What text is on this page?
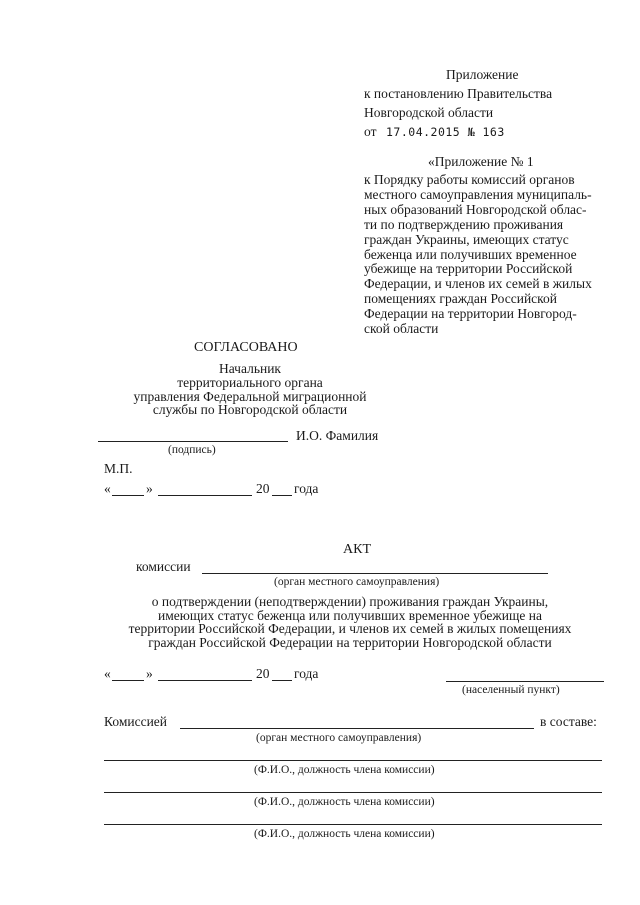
Приложение
к постановлению Правительства
Новгородской области
от 17.04.2015 № 163
«Приложение № 1
к Порядку работы комиссий органов
местного самоуправления муниципаль-
ных образований Новгородской облас-
ти по подтверждению проживания
граждан Украины, имеющих статус
беженца или получивших временное
убежище на территории Российской
Федерации, и членов их семей в жилых
помещениях граждан Российской
Федерации на территории Новгород-
ской области
СОГЛАСОВАНО
Начальник
территориального органа
управления Федеральной миграционной
службы по Новгородской области
И.О. Фамилия
(подпись)
М.П.
«	»	20 года
АКТ
комиссии
(орган местного самоуправления)
о подтверждении (неподтверждении) проживания граждан Украины,
имеющих статус беженца или получивших временное убежище на
территории Российской Федерации, и членов их семей в жилых помещениях
граждан Российской Федерации на территории Новгородской области
«	»	20 года
(населенный пункт)
Комиссией	в составе:
(орган местного самоуправления)
(Ф.И.О., должность члена комиссии)
(Ф.И.О., должность члена комиссии)
(Ф.И.О., должность члена комиссии)
